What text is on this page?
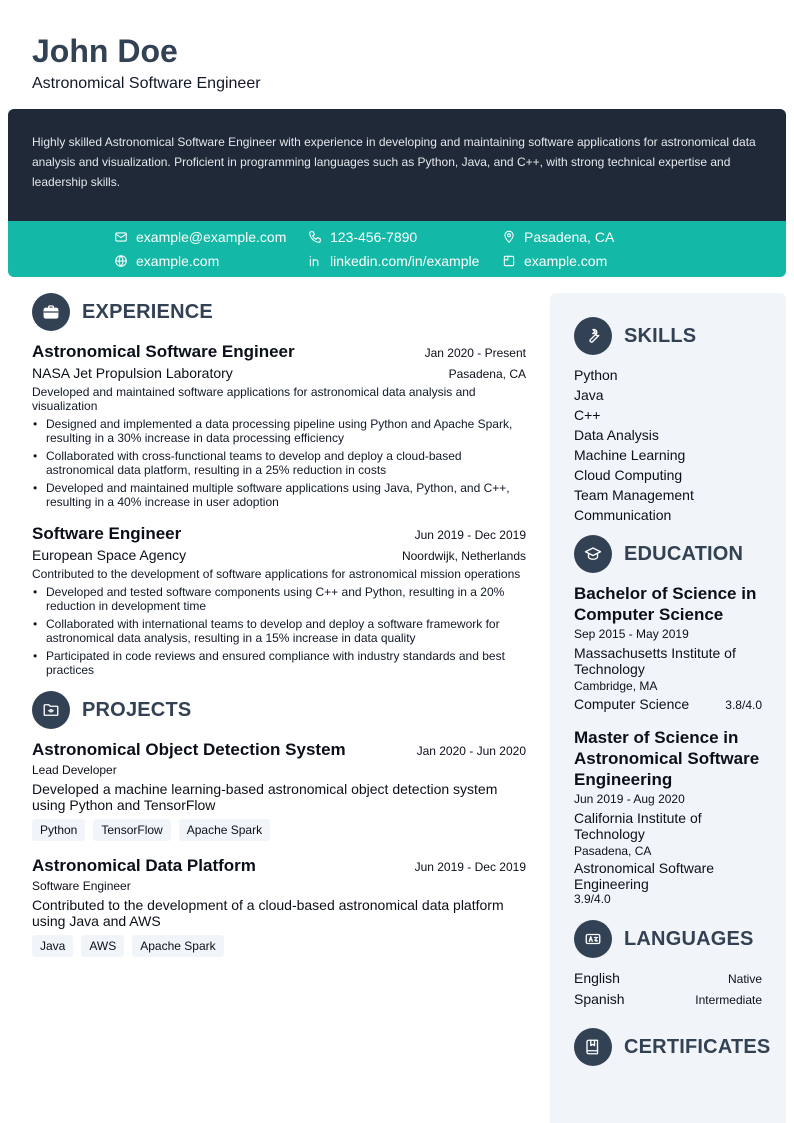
John Doe
Astronomical Software Engineer

Highly skilled Astronomical Software Engineer with experience in developing and maintaining software applications for astronomical data analysis and visualization. Proficient in programming languages such as Python, Java, and C++, with strong technical expertise and leadership skills.

example@example.com	123-456-7890	Pasadena, CA
example.com	linkedin.com/in/example	example.com
EXPERIENCE
Astronomical Software Engineer	Jan 2020 - Present
NASA Jet Propulsion Laboratory	Pasadena, CA
Developed and maintained software applications for astronomical data analysis and visualization
• Designed and implemented a data processing pipeline using Python and Apache Spark, resulting in a 30% increase in data processing efficiency
• Collaborated with cross-functional teams to develop and deploy a cloud-based astronomical data platform, resulting in a 25% reduction in costs
• Developed and maintained multiple software applications using Java, Python, and C++, resulting in a 40% increase in user adoption
Software Engineer	Jun 2019 - Dec 2019
European Space Agency	Noordwijk, Netherlands
Contributed to the development of software applications for astronomical mission operations
• Developed and tested software components using C++ and Python, resulting in a 20% reduction in development time
• Collaborated with international teams to develop and deploy a software framework for astronomical data analysis, resulting in a 15% increase in data quality
• Participated in code reviews and ensured compliance with industry standards and best practices
PROJECTS
Astronomical Object Detection System	Jan 2020 - Jun 2020
Lead Developer
Developed a machine learning-based astronomical object detection system using Python and TensorFlow
Python	TensorFlow	Apache Spark
Astronomical Data Platform	Jun 2019 - Dec 2019
Software Engineer
Contributed to the development of a cloud-based astronomical data platform using Java and AWS
Java	AWS	Apache Spark
SKILLS
Python
Java
C++
Data Analysis
Machine Learning
Cloud Computing
Team Management
Communication
EDUCATION
Bachelor of Science in Computer Science
Sep 2015 - May 2019
Massachusetts Institute of Technology
Cambridge, MA
Computer Science	3.8/4.0
Master of Science in Astronomical Software Engineering
Jun 2019 - Aug 2020
California Institute of Technology
Pasadena, CA
Astronomical Software Engineering
3.9/4.0
LANGUAGES
English	Native
Spanish	Intermediate
CERTIFICATES
